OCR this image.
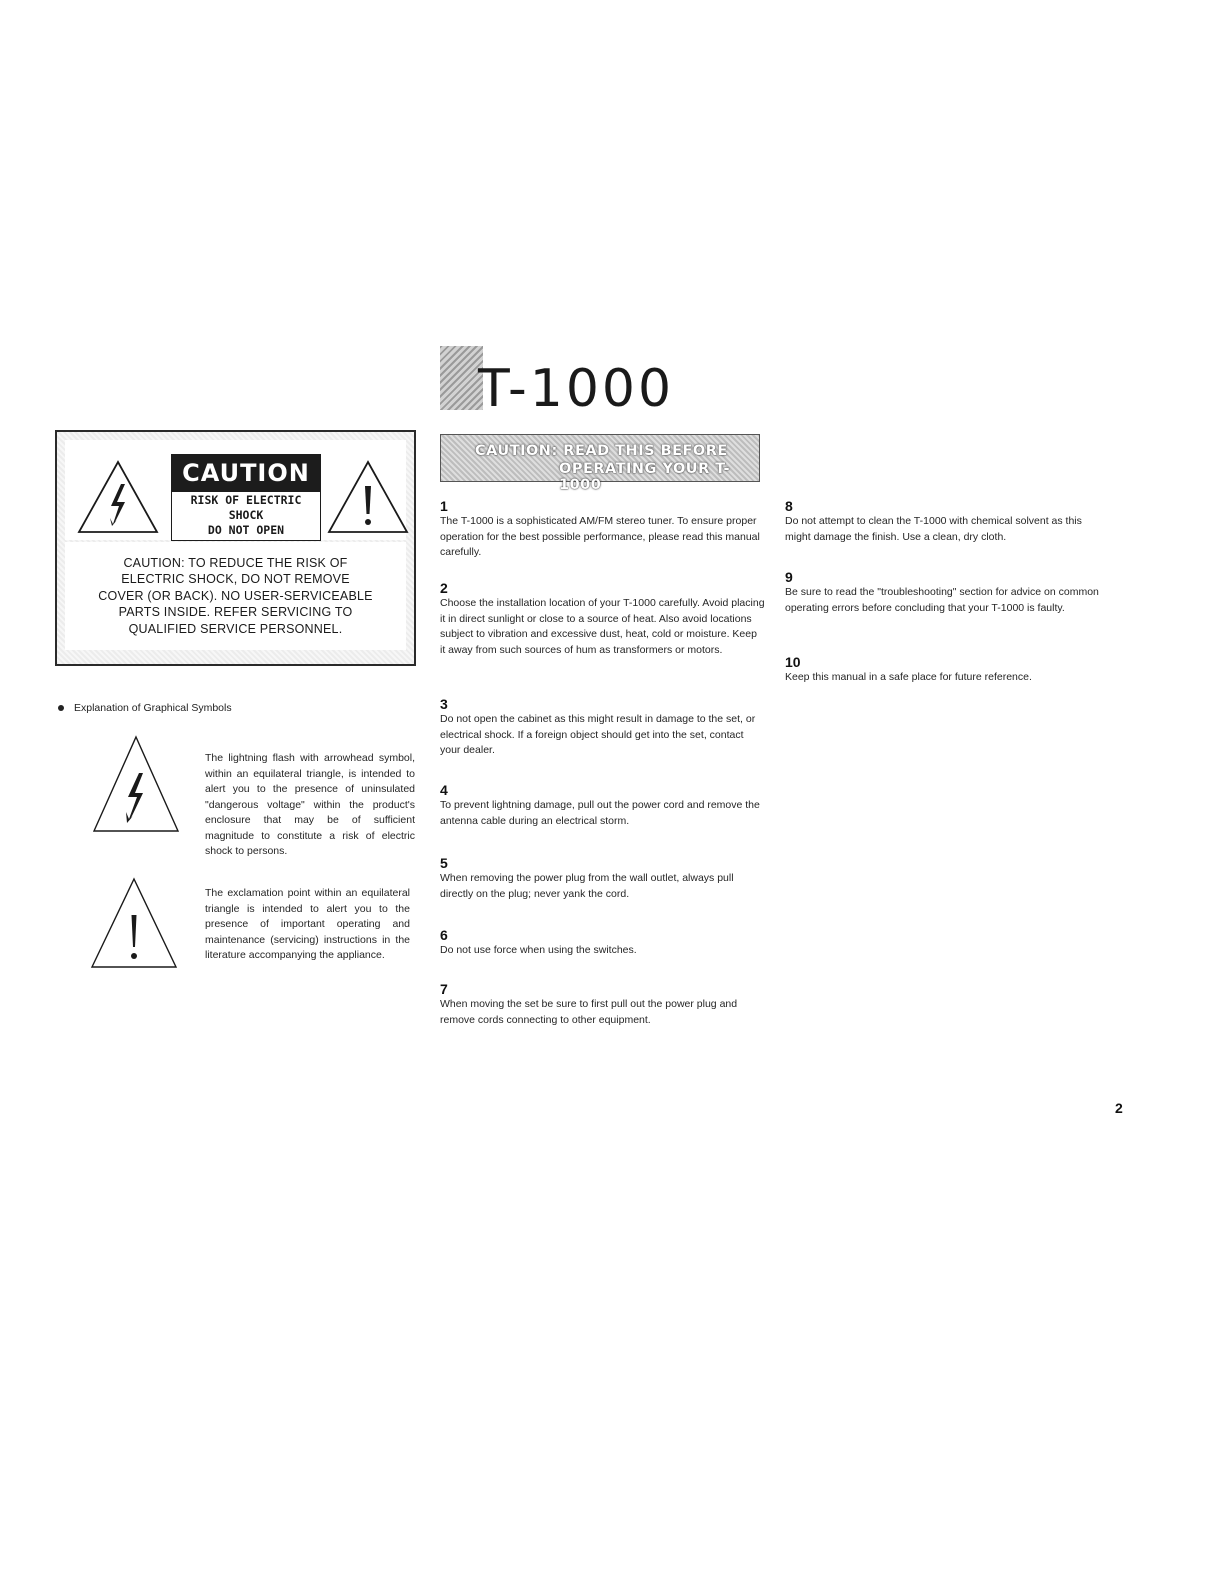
CAUTION
RISK OF ELECTRIC SHOCK
DO NOT OPEN
CAUTION: TO REDUCE THE RISK OF
ELECTRIC SHOCK, DO NOT REMOVE
COVER (OR BACK). NO USER-SERVICEABLE
PARTS INSIDE. REFER SERVICING TO
QUALIFIED SERVICE PERSONNEL.
Explanation of Graphical Symbols
The lightning flash with arrowhead symbol, within an equilateral triangle, is intended to alert you to the presence of uninsulated "dangerous voltage" within the product's enclosure that may be of sufficient magnitude to constitute a risk of electric shock to persons.
The exclamation point within an equilateral triangle is intended to alert you to the presence of important operating and maintenance (servicing) instructions in the literature accompanying the appliance.
T-1000
CAUTION: READ THIS BEFORE
OPERATING YOUR T-1000
1
The T-1000 is a sophisticated AM/FM stereo tuner. To ensure proper operation for the best possible performance, please read this manual carefully.
2
Choose the installation location of your T-1000 carefully. Avoid placing it in direct sunlight or close to a source of heat. Also avoid locations subject to vibration and excessive dust, heat, cold or moisture. Keep it away from such sources of hum as transformers or motors.
3
Do not open the cabinet as this might result in damage to the set, or electrical shock. If a foreign object should get into the set, contact your dealer.
4
To prevent lightning damage, pull out the power cord and remove the antenna cable during an electrical storm.
5
When removing the power plug from the wall outlet, always pull directly on the plug; never yank the cord.
6
Do not use force when using the switches.
7
When moving the set be sure to first pull out the power plug and remove cords connecting to other equipment.
8
Do not attempt to clean the T-1000 with chemical solvent as this might damage the finish. Use a clean, dry cloth.
9
Be sure to read the "troubleshooting" section for advice on common operating errors before concluding that your T-1000 is faulty.
10
Keep this manual in a safe place for future reference.
2
